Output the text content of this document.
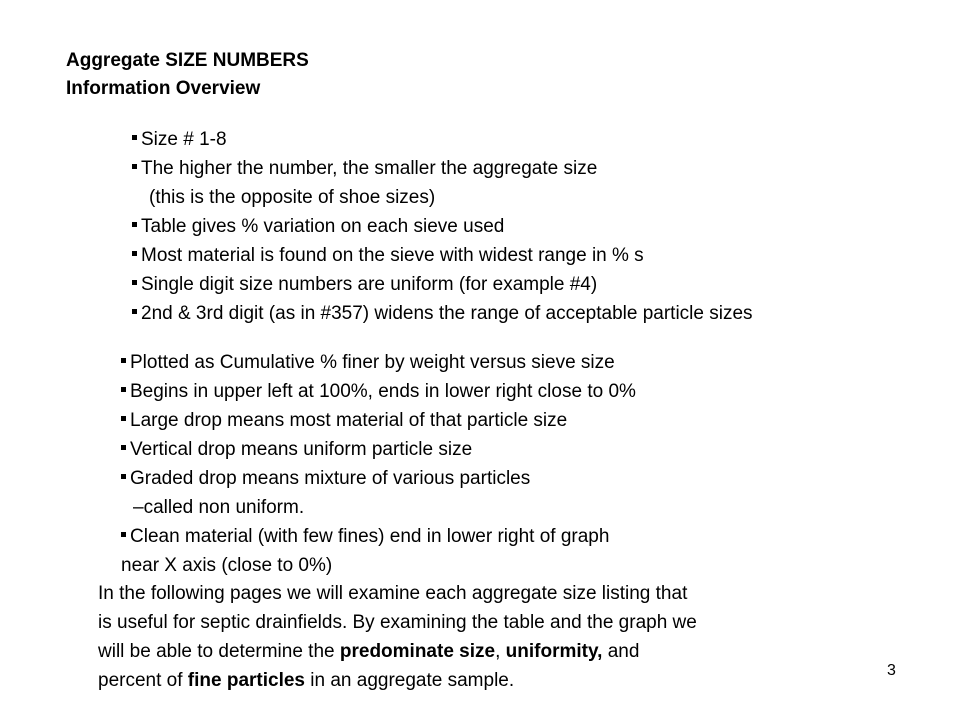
Aggregate SIZE NUMBERS
Information Overview
Size # 1-8
The higher the number, the smaller the aggregate size
(this is the opposite of shoe sizes)
Table gives % variation on each sieve used
Most material is found on the sieve with widest range in % s
Single digit size numbers are uniform (for example #4)
2nd & 3rd digit (as in #357) widens the range of acceptable particle sizes
Plotted as Cumulative % finer by weight versus sieve size
Begins in upper left at 100%, ends in lower right close to 0%
Large drop means most material of that particle size
Vertical drop means uniform particle size
Graded drop means mixture of various particles
–called non uniform.
Clean material (with few fines) end in lower right of graph
near X axis (close to 0%)
In the following pages we will examine each aggregate size listing that
is useful for septic drainfields. By examining the table and the graph we
will be able to determine the predominate size, uniformity, and
percent of fine particles in an aggregate sample.	3
